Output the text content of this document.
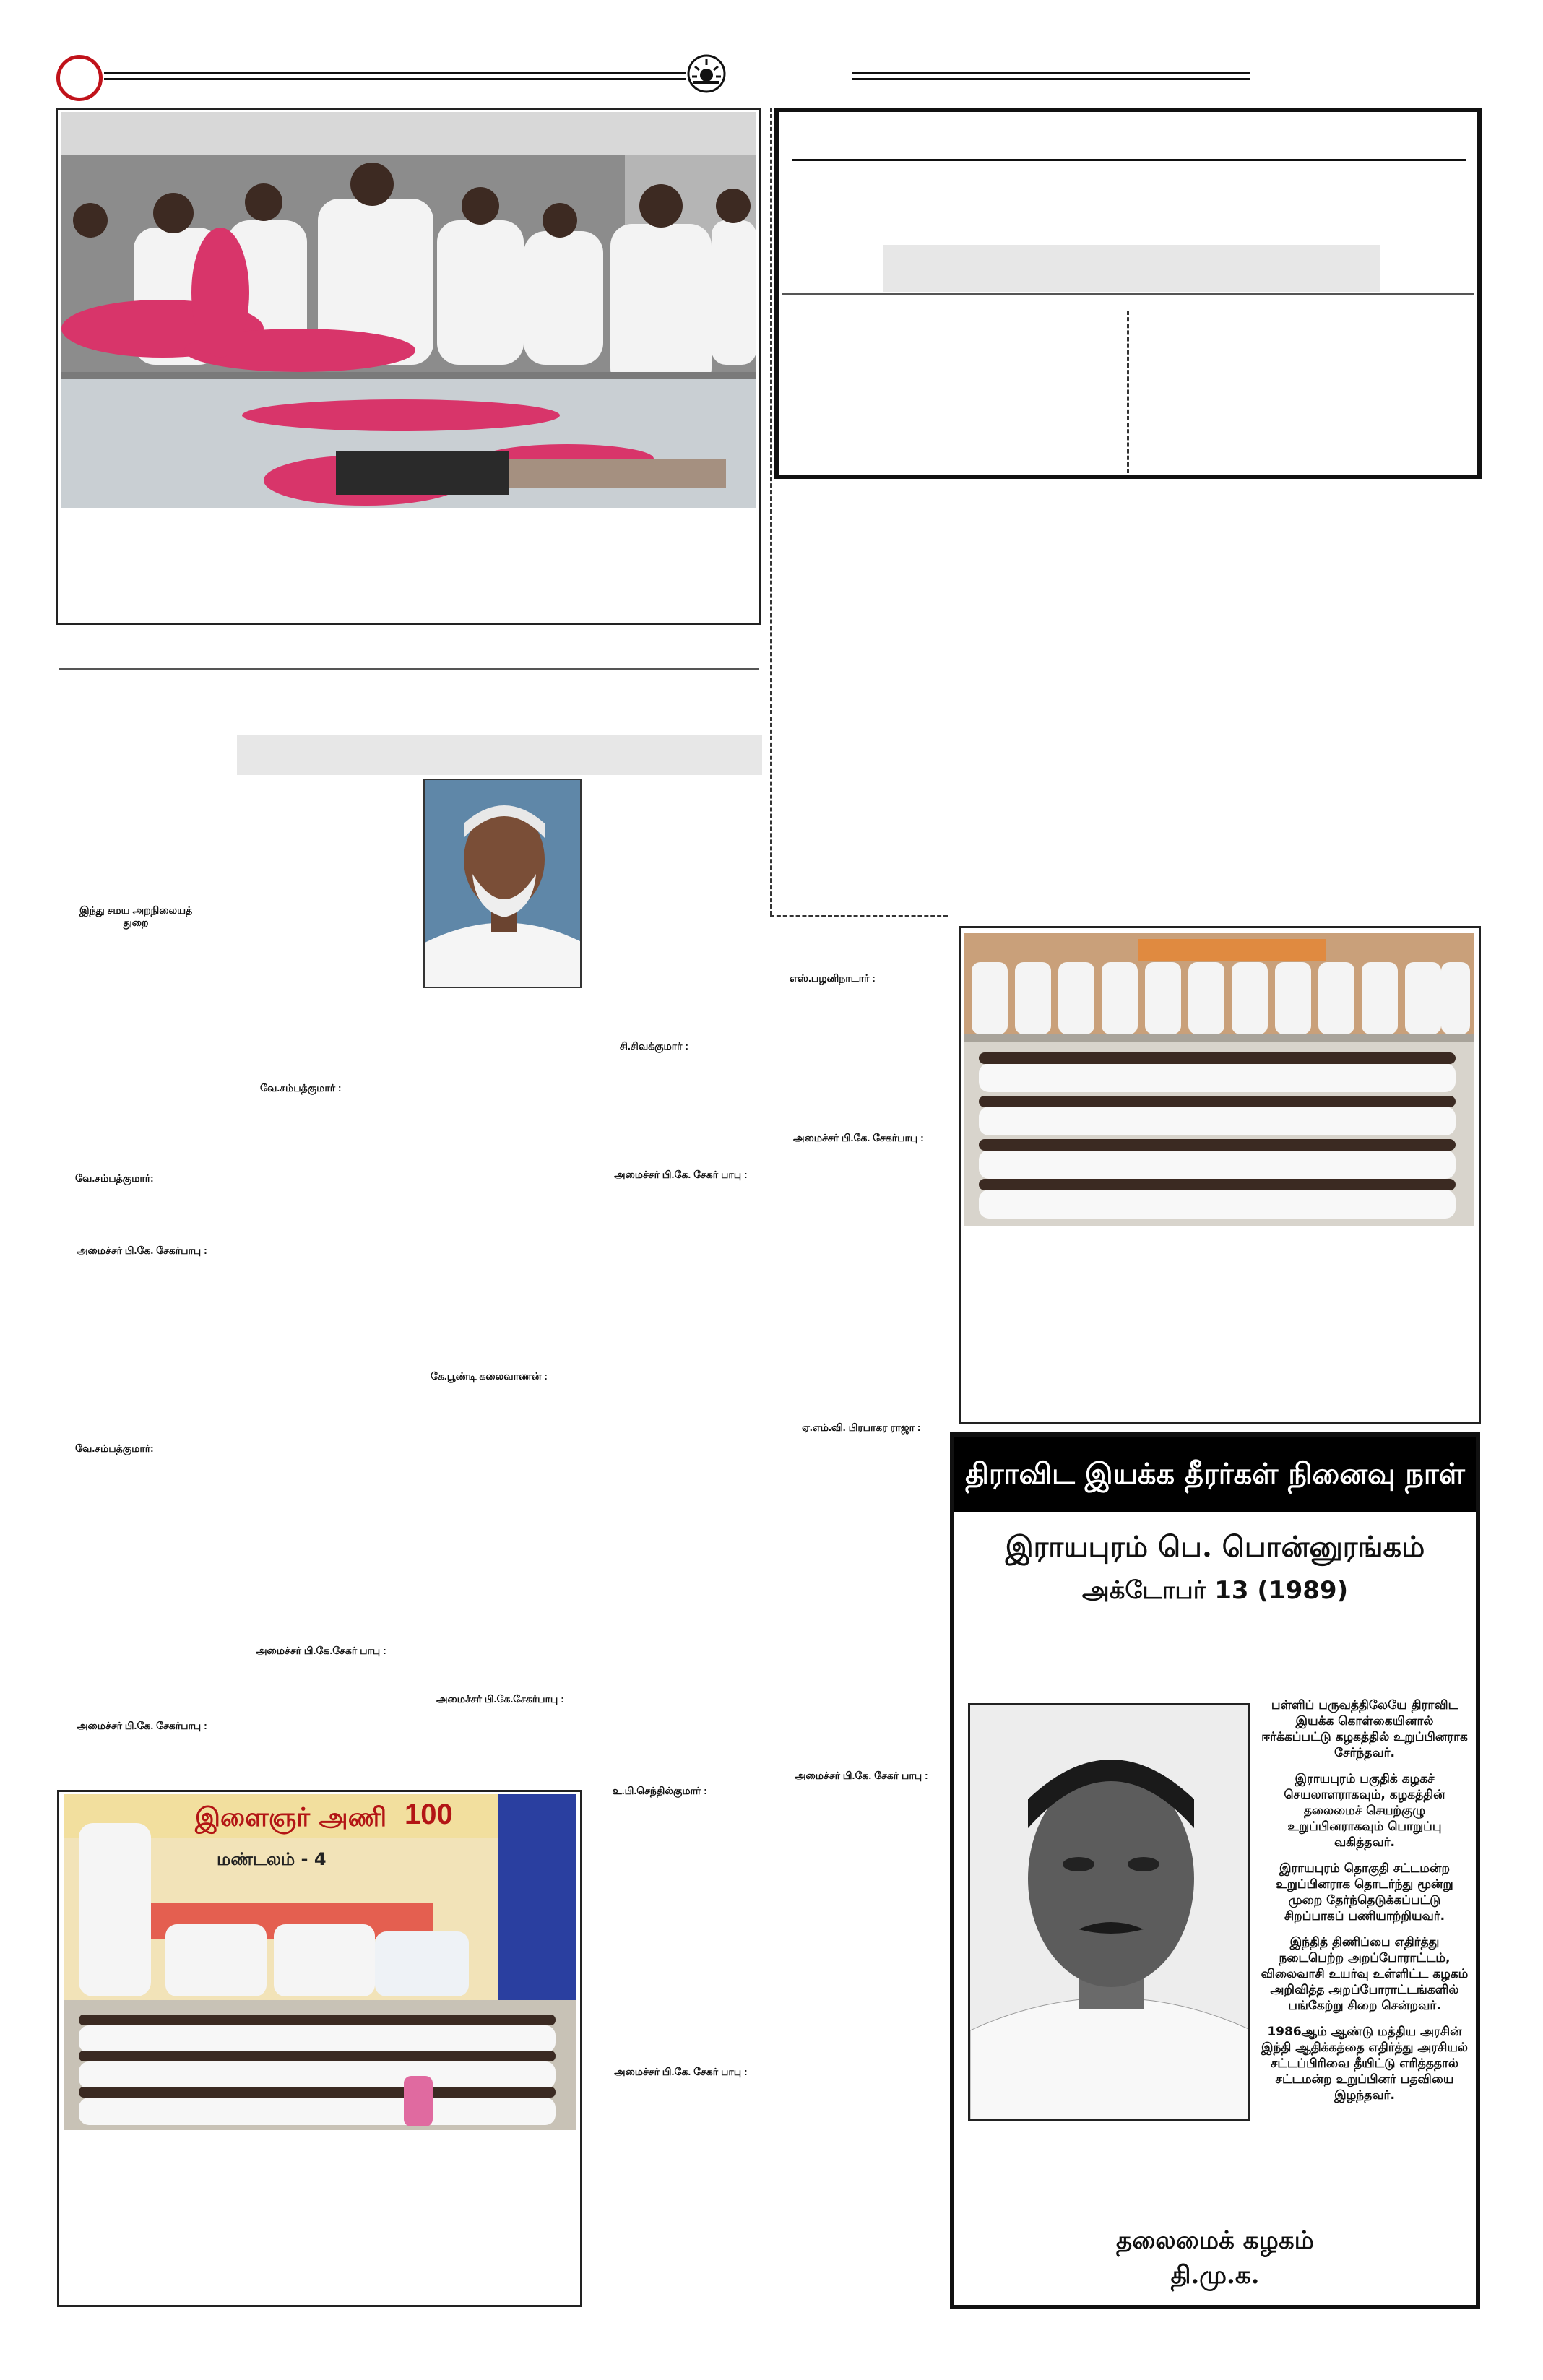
இந்து சமய அறநிலையத்
துறை
எஸ்.பழனிநாடார் :
சி.சிவக்குமார் :
வே.சம்பத்குமார் :
அமைச்சர் பி.கே. சேகர்பாபு :
வே.சம்பத்குமார்:	அமைச்சர் பி.கே. சேகர் பாபு :
அமைச்சர் பி.கே. சேகர்பாபு :
கே.பூண்டி கலைவாணன் :
ஏ.எம்.வி. பிரபாகர ராஜா :
வே.சம்பத்குமார்:
அமைச்சர் பி.கே.சேகர் பாபு :
அமைச்சர் பி.கே.சேகர்பாபு :
அமைச்சர் பி.கே. சேகர்பாபு :
அமைச்சர் பி.கே. சேகர் பாபு :
உ.பி.செந்தில்குமார் :
அமைச்சர் பி.கே. சேகர் பாபு :
இளைஞர் அணி 100
மண்டலம் - 4
திராவிட இயக்க தீரர்கள் நினைவு நாள்
இராயபுரம் பெ. பொன்னுரங்கம்
அக்டோபர் 13 (1989)

பள்ளிப் பருவத்திலேயே திராவிட இயக்க கொள்கையினால் ஈர்க்கப்பட்டு கழகத்தில் உறுப்பினராக சேர்ந்தவர்.

இராயபுரம் பகுதிக் கழகச் செயலாளராகவும், கழகத்தின் தலைமைச் செயற்குழு உறுப்பினராகவும் பொறுப்பு வகித்தவர்.

இராயபுரம் தொகுதி சட்டமன்ற உறுப்பினராக தொடர்ந்து மூன்று முறை தேர்ந்தெடுக்கப்பட்டு சிறப்பாகப் பணியாற்றியவர்.

இந்தித் திணிப்பை எதிர்த்து நடைபெற்ற அறப்போராட்டம், விலைவாசி உயர்வு உள்ளிட்ட கழகம் அறிவித்த அறப்போராட்டங்களில் பங்கேற்று சிறை சென்றவர்.

1986ஆம் ஆண்டு மத்திய அரசின் இந்தி ஆதிக்கத்தை எதிர்த்து அரசியல் சட்டப்பிரிவை தீயிட்டு எரித்ததால் சட்டமன்ற உறுப்பினர் பதவியை இழந்தவர்.

தலைமைக் கழகம்
தி.மு.க.
